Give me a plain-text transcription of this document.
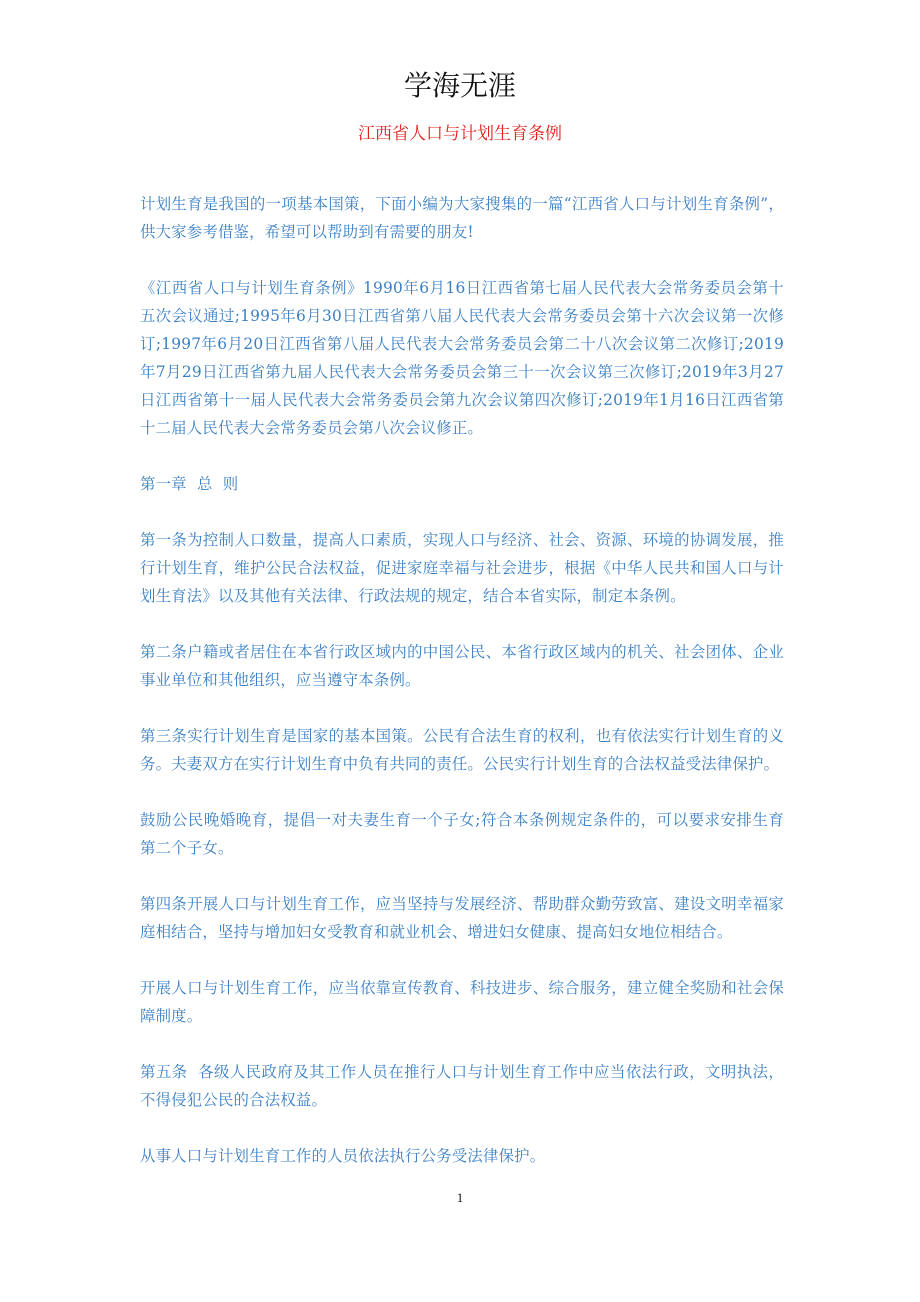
学海无涯
江西省人口与计划生育条例

计划生育是我国的一项基本国策，下面小编为大家搜集的一篇“江西省人口与计划生育条例”，供大家参考借鉴，希望可以帮助到有需要的朋友!

《江西省人口与计划生育条例》1990年6月16日江西省第七届人民代表大会常务委员会第十五次会议通过;1995年6月30日江西省第八届人民代表大会常务委员会第十六次会议第一次修订;1997年6月20日江西省第八届人民代表大会常务委员会第二十八次会议第二次修订;2019年7月29日江西省第九届人民代表大会常务委员会第三十一次会议第三次修订;2019年3月27日江西省第十一届人民代表大会常务委员会第九次会议第四次修订;2019年1月16日江西省第十二届人民代表大会常务委员会第八次会议修正。

第一章  总  则

第一条为控制人口数量，提高人口素质，实现人口与经济、社会、资源、环境的协调发展，推行计划生育，维护公民合法权益，促进家庭幸福与社会进步，根据《中华人民共和国人口与计划生育法》以及其他有关法律、行政法规的规定，结合本省实际，制定本条例。

第二条户籍或者居住在本省行政区域内的中国公民、本省行政区域内的机关、社会团体、企业事业单位和其他组织，应当遵守本条例。

第三条实行计划生育是国家的基本国策。公民有合法生育的权利，也有依法实行计划生育的义务。夫妻双方在实行计划生育中负有共同的责任。公民实行计划生育的合法权益受法律保护。

鼓励公民晚婚晚育，提倡一对夫妻生育一个子女;符合本条例规定条件的，可以要求安排生育第二个子女。

第四条开展人口与计划生育工作，应当坚持与发展经济、帮助群众勤劳致富、建设文明幸福家庭相结合，坚持与增加妇女受教育和就业机会、增进妇女健康、提高妇女地位相结合。

开展人口与计划生育工作，应当依靠宣传教育、科技进步、综合服务，建立健全奖励和社会保障制度。

第五条  各级人民政府及其工作人员在推行人口与计划生育工作中应当依法行政，文明执法，不得侵犯公民的合法权益。

从事人口与计划生育工作的人员依法执行公务受法律保护。

1
